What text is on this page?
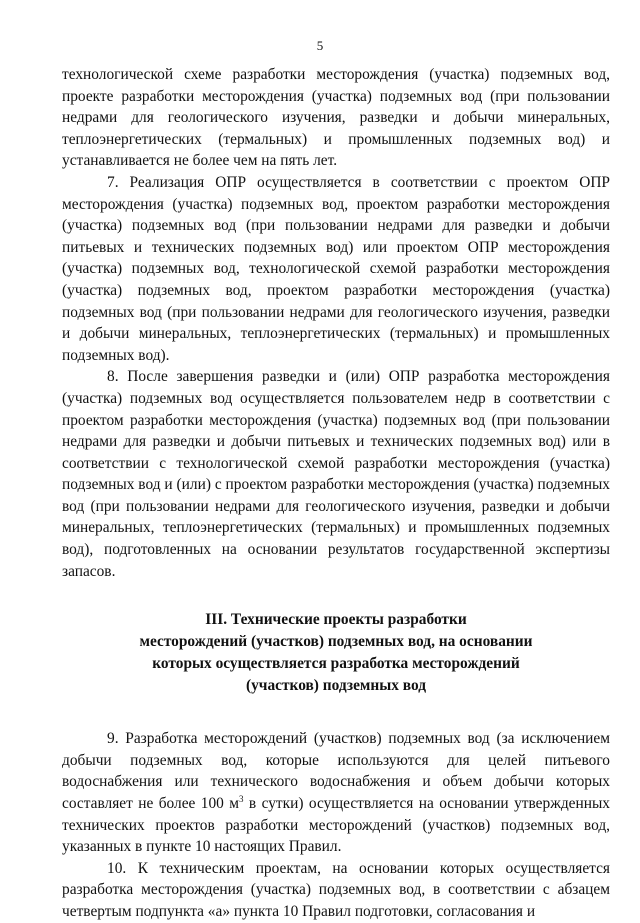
5

технологической схеме разработки месторождения (участка) подземных вод, проекте разработки месторождения (участка) подземных вод (при пользовании недрами для геологического изучения, разведки и добычи минеральных, теплоэнергетических (термальных) и промышленных подземных вод) и устанавливается не более чем на пять лет.

7. Реализация ОПР осуществляется в соответствии с проектом ОПР месторождения (участка) подземных вод, проектом разработки месторождения (участка) подземных вод (при пользовании недрами для разведки и добычи питьевых и технических подземных вод) или проектом ОПР месторождения (участка) подземных вод, технологической схемой разработки месторождения (участка) подземных вод, проектом разработки месторождения (участка) подземных вод (при пользовании недрами для геологического изучения, разведки и добычи минеральных, теплоэнергетических (термальных) и промышленных подземных вод).

8. После завершения разведки и (или) ОПР разработка месторождения (участка) подземных вод осуществляется пользователем недр в соответствии с проектом разработки месторождения (участка) подземных вод (при пользовании недрами для разведки и добычи питьевых и технических подземных вод) или в соответствии с технологической схемой разработки месторождения (участка) подземных вод и (или) с проектом разработки месторождения (участка) подземных вод (при пользовании недрами для геологического изучения, разведки и добычи минеральных, теплоэнергетических (термальных) и промышленных подземных вод), подготовленных на основании результатов государственной экспертизы запасов.

III. Технические проекты разработки
месторождений (участков) подземных вод, на основании
которых осуществляется разработка месторождений
(участков) подземных вод

9. Разработка месторождений (участков) подземных вод (за исключением добычи подземных вод, которые используются для целей питьевого водоснабжения или технического водоснабжения и объем добычи которых составляет не более 100 $м^3$ в сутки) осуществляется на основании утвержденных технических проектов разработки месторождений (участков) подземных вод, указанных в пункте 10 настоящих Правил.

10. К техническим проектам, на основании которых осуществляется разработка месторождения (участка) подземных вод, в соответствии с абзацем четвертым подпункта «а» пункта 10 Правил подготовки, согласования и
